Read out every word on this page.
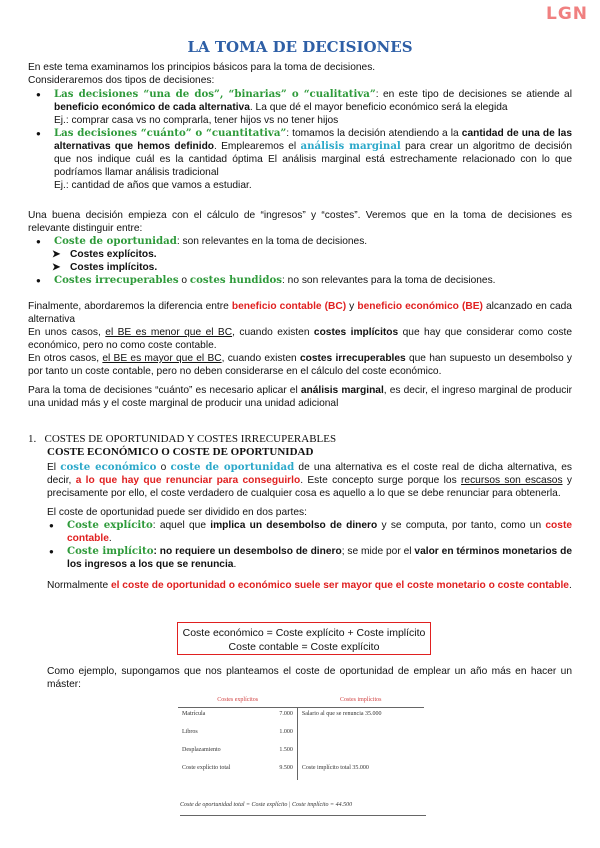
LGN
LA TOMA DE DECISIONES

En este tema examinamos los principios básicos para la toma de decisiones.

Consideraremos dos tipos de decisiones:

● Las decisiones “una de dos”, “binarias” o “cualitativa”: en este tipo de decisiones se atiende al beneficio económico de cada alternativa. La que dé el mayor beneficio económico será la elegida
Ej.: comprar casa vs no comprarla, tener hijos vs no tener hijos
● Las decisiones “cuánto” o “cuantitativa”: tomamos la decisión atendiendo a la cantidad de una de las alternativas que hemos definido. Emplearemos el análisis marginal para crear un algoritmo de decisión que nos indique cuál es la cantidad óptima El análisis marginal está estrechamente relacionado con lo que podríamos llamar análisis tradicional
Ej.: cantidad de años que vamos a estudiar.

Una buena decisión empieza con el cálculo de “ingresos” y “costes”. Veremos que en la toma de decisiones es relevante distinguir entre:

● Coste de oportunidad: son relevantes en la toma de decisiones.
➤ Costes explícitos.
➤ Costes implícitos.
● Costes irrecuperables o costes hundidos: no son relevantes para la toma de decisiones.

Finalmente, abordaremos la diferencia entre beneficio contable (BC) y beneficio económico (BE) alcanzado en cada alternativa

En unos casos, el BE es menor que el BC, cuando existen costes implícitos que hay que considerar como coste económico, pero no como coste contable.

En otros casos, el BE es mayor que el BC, cuando existen costes irrecuperables que han supuesto un desembolso y por tanto un coste contable, pero no deben considerarse en el cálculo del coste económico.

Para la toma de decisiones “cuánto” es necesario aplicar el análisis marginal, es decir, el ingreso marginal de producir una unidad más y el coste marginal de producir una unidad adicional

1. COSTES DE OPORTUNIDAD Y COSTES IRRECUPERABLES
COSTE ECONÓMICO O COSTE DE OPORTUNIDAD

El coste económico o coste de oportunidad de una alternativa es el coste real de dicha alternativa, es decir, a lo que hay que renunciar para conseguirlo. Este concepto surge porque los recursos son escasos y precisamente por ello, el coste verdadero de cualquier cosa es aquello a lo que se debe renunciar para obtenerla.

El coste de oportunidad puede ser dividido en dos partes:

● Coste explícito: aquel que implica un desembolso de dinero y se computa, por tanto, como un coste contable.
● Coste implícito: no requiere un desembolso de dinero; se mide por el valor en términos monetarios de los ingresos a los que se renuncia.

Normalmente el coste de oportunidad o económico suele ser mayor que el coste monetario o coste contable.

Coste económico = Coste explícito + Coste implícito
Coste contable = Coste explícito
Como ejemplo, supongamos que nos planteamos el coste de oportunidad de emplear un año más en hacer un máster:
Costes explícitos		Costes implícitos
Matrícula	7.000	Salario al que se renuncia 35.000
Libros	1.000	
Desplazamiento	1.500	
Coste explícito total	9.500	Coste implícito total 35.000
Coste de oportunidad total = Coste explícito | Coste implícito = 44.500
